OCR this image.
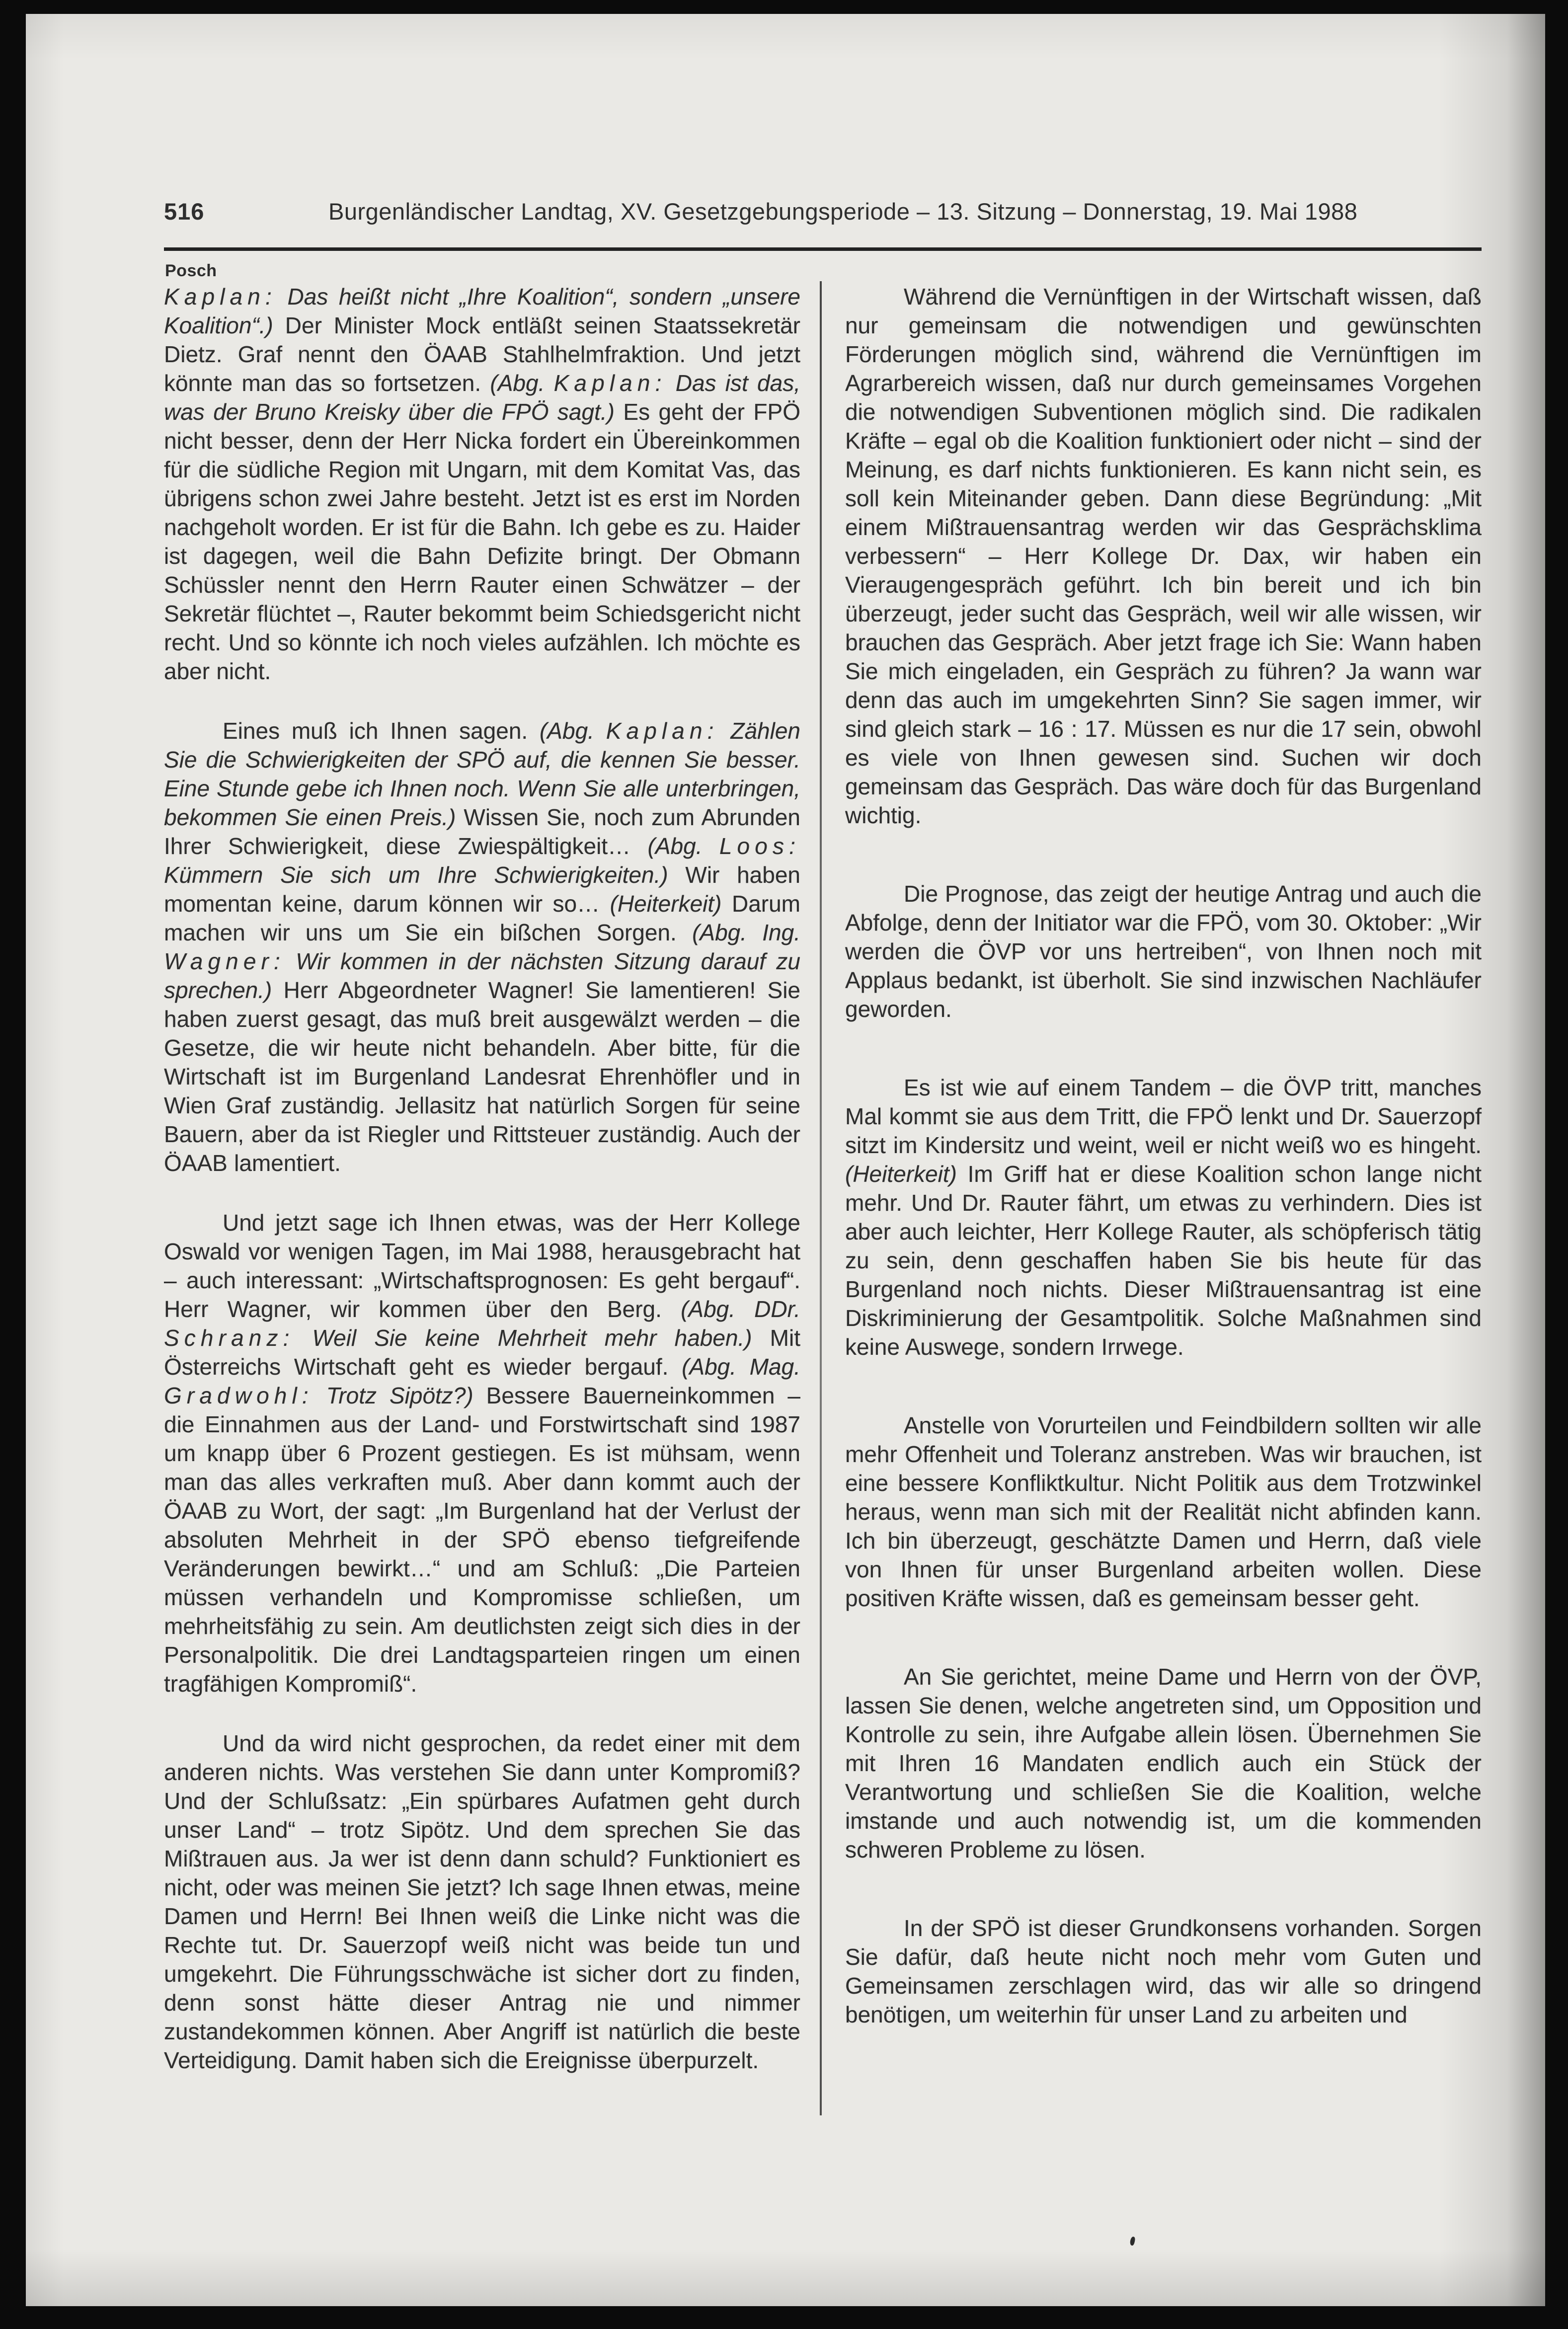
516	Burgenländischer Landtag, XV. Gesetzgebungsperiode – 13. Sitzung – Donnerstag, 19. Mai 1988
Posch

Kaplan: Das heißt nicht „Ihre Koalition“, sondern „unsere Koalition“.) Der Minister Mock entläßt seinen Staatssekretär Dietz. Graf nennt den ÖAAB Stahlhelmfraktion. Und jetzt könnte man das so fortsetzen. (Abg. Kaplan: Das ist das, was der Bruno Kreisky über die FPÖ sagt.) Es geht der FPÖ nicht besser, denn der Herr Nicka fordert ein Übereinkommen für die südliche Region mit Ungarn, mit dem Komitat Vas, das übrigens schon zwei Jahre besteht. Jetzt ist es erst im Norden nachgeholt worden. Er ist für die Bahn. Ich gebe es zu. Haider ist dagegen, weil die Bahn Defizite bringt. Der Obmann Schüssler nennt den Herrn Rauter einen Schwätzer – der Sekretär flüchtet –, Rauter bekommt beim Schiedsgericht nicht recht. Und so könnte ich noch vieles aufzählen. Ich möchte es aber nicht.

Eines muß ich Ihnen sagen. (Abg. Kaplan: Zählen Sie die Schwierigkeiten der SPÖ auf, die kennen Sie besser. Eine Stunde gebe ich Ihnen noch. Wenn Sie alle unterbringen, bekommen Sie einen Preis.) Wissen Sie, noch zum Abrunden Ihrer Schwierigkeit, diese Zwiespältigkeit… (Abg. Loos: Kümmern Sie sich um Ihre Schwierigkeiten.) Wir haben momentan keine, darum können wir so… (Heiterkeit) Darum machen wir uns um Sie ein bißchen Sorgen. (Abg. Ing. Wagner: Wir kommen in der nächsten Sitzung darauf zu sprechen.) Herr Abgeordneter Wagner! Sie lamentieren! Sie haben zuerst gesagt, das muß breit ausgewälzt werden – die Gesetze, die wir heute nicht behandeln. Aber bitte, für die Wirtschaft ist im Burgenland Landesrat Ehrenhöfler und in Wien Graf zuständig. Jellasitz hat natürlich Sorgen für seine Bauern, aber da ist Riegler und Rittsteuer zuständig. Auch der ÖAAB lamentiert.

Und jetzt sage ich Ihnen etwas, was der Herr Kollege Oswald vor wenigen Tagen, im Mai 1988, herausgebracht hat – auch interessant: „Wirtschaftsprognosen: Es geht bergauf“. Herr Wagner, wir kommen über den Berg. (Abg. DDr. Schranz: Weil Sie keine Mehrheit mehr haben.) Mit Österreichs Wirtschaft geht es wieder bergauf. (Abg. Mag. Gradwohl: Trotz Sipötz?) Bessere Bauerneinkommen – die Einnahmen aus der Land- und Forstwirtschaft sind 1987 um knapp über 6 Prozent gestiegen. Es ist mühsam, wenn man das alles verkraften muß. Aber dann kommt auch der ÖAAB zu Wort, der sagt: „Im Burgenland hat der Verlust der absoluten Mehrheit in der SPÖ ebenso tiefgreifende Veränderungen bewirkt…“ und am Schluß: „Die Parteien müssen verhandeln und Kompromisse schließen, um mehrheitsfähig zu sein. Am deutlichsten zeigt sich dies in der Personalpolitik. Die drei Landtagsparteien ringen um einen tragfähigen Kompromiß“.

Und da wird nicht gesprochen, da redet einer mit dem anderen nichts. Was verstehen Sie dann unter Kompromiß? Und der Schlußsatz: „Ein spürbares Aufatmen geht durch unser Land“ – trotz Sipötz. Und dem sprechen Sie das Mißtrauen aus. Ja wer ist denn dann schuld? Funktioniert es nicht, oder was meinen Sie jetzt? Ich sage Ihnen etwas, meine Damen und Herrn! Bei Ihnen weiß die Linke nicht was die Rechte tut. Dr. Sauerzopf weiß nicht was beide tun und umgekehrt. Die Führungsschwäche ist sicher dort zu finden, denn sonst hätte dieser Antrag nie und nimmer zustandekommen können. Aber Angriff ist natürlich die beste Verteidigung. Damit haben sich die Ereignisse überpurzelt.

Während die Vernünftigen in der Wirtschaft wissen, daß nur gemeinsam die notwendigen und gewünschten Förderungen möglich sind, während die Vernünftigen im Agrarbereich wissen, daß nur durch gemeinsames Vorgehen die notwendigen Subventionen möglich sind. Die radikalen Kräfte – egal ob die Koalition funktioniert oder nicht – sind der Meinung, es darf nichts funktionieren. Es kann nicht sein, es soll kein Miteinander geben. Dann diese Begründung: „Mit einem Mißtrauensantrag werden wir das Gesprächsklima verbessern“ – Herr Kollege Dr. Dax, wir haben ein Vieraugengespräch geführt. Ich bin bereit und ich bin überzeugt, jeder sucht das Gespräch, weil wir alle wissen, wir brauchen das Gespräch. Aber jetzt frage ich Sie: Wann haben Sie mich eingeladen, ein Gespräch zu führen? Ja wann war denn das auch im umgekehrten Sinn? Sie sagen immer, wir sind gleich stark – 16 : 17. Müssen es nur die 17 sein, obwohl es viele von Ihnen gewesen sind. Suchen wir doch gemeinsam das Gespräch. Das wäre doch für das Burgenland wichtig.

Die Prognose, das zeigt der heutige Antrag und auch die Abfolge, denn der Initiator war die FPÖ, vom 30. Oktober: „Wir werden die ÖVP vor uns hertreiben“, von Ihnen noch mit Applaus bedankt, ist überholt. Sie sind inzwischen Nachläufer geworden.

Es ist wie auf einem Tandem – die ÖVP tritt, manches Mal kommt sie aus dem Tritt, die FPÖ lenkt und Dr. Sauerzopf sitzt im Kindersitz und weint, weil er nicht weiß wo es hingeht. (Heiterkeit) Im Griff hat er diese Koalition schon lange nicht mehr. Und Dr. Rauter fährt, um etwas zu verhindern. Dies ist aber auch leichter, Herr Kollege Rauter, als schöpferisch tätig zu sein, denn geschaffen haben Sie bis heute für das Burgenland noch nichts. Dieser Mißtrauensantrag ist eine Diskriminierung der Gesamtpolitik. Solche Maßnahmen sind keine Auswege, sondern Irrwege.

Anstelle von Vorurteilen und Feindbildern sollten wir alle mehr Offenheit und Toleranz anstreben. Was wir brauchen, ist eine bessere Konfliktkultur. Nicht Politik aus dem Trotzwinkel heraus, wenn man sich mit der Realität nicht abfinden kann. Ich bin überzeugt, geschätzte Damen und Herrn, daß viele von Ihnen für unser Burgenland arbeiten wollen. Diese positiven Kräfte wissen, daß es gemeinsam besser geht.

An Sie gerichtet, meine Dame und Herrn von der ÖVP, lassen Sie denen, welche angetreten sind, um Opposition und Kontrolle zu sein, ihre Aufgabe allein lösen. Übernehmen Sie mit Ihren 16 Mandaten endlich auch ein Stück der Verantwortung und schließen Sie die Koalition, welche imstande und auch notwendig ist, um die kommenden schweren Probleme zu lösen.

In der SPÖ ist dieser Grundkonsens vorhanden. Sorgen Sie dafür, daß heute nicht noch mehr vom Guten und Gemeinsamen zerschlagen wird, das wir alle so dringend benötigen, um weiterhin für unser Land zu arbeiten und
